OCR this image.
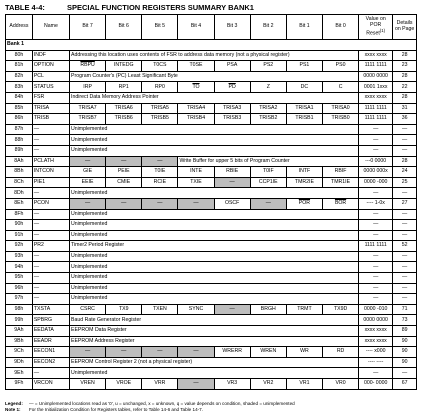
TABLE 4-4:	SPECIAL FUNCTION REGISTERS SUMMARY BANK1
Address	Name	Bit 7	Bit 6	Bit 5	Bit 4	Bit 3	Bit 2	Bit 1	Bit 0	Value on POR Reset$^{(1)}$	Details on Page
Bank 1											
80h	INDF	Addressing this location uses contents of FSR to address data memory (not a physical register)								xxxx xxxx	28
81h	OPTION	RBPU	INTEDG	T0CS	T0SE	PSA	PS2	PS1	PS0	1111 1111	23
82h	PCL	Program Counter's (PC) Least Significant Byte								0000 0000	28
83h	STATUS	IRP	RP1	RP0	$\overline{TO}$	$\overline{PD}$	Z	DC	C	0001 1xxx	22
84h	FSR	Indirect Data Memory Address Pointer								xxxx xxxx	28
85h	TRISA	TRISA7	TRISA6	TRISA5	TRISA4	TRISA3	TRISA2	TRISA1	TRISA0	1111 1111	31
86h	TRISB	TRISB7	TRISB6	TRISB5	TRISB4	TRISB3	TRISB2	TRISB1	TRISB0	1111 1111	36
87h	—	Unimplemented								—	—
88h	—	Unimplemented								—	—
89h	—	Unimplemented								—	—
8Ah	PCLATH	—	—	—	Write Buffer for upper 5 bits of Program Counter					---0 0000	28
8Bh	INTCON	GIE	PEIE	T0IE	INTE	RBIE	T0IF	INTF	RBIF	0000 000x	24
8Ch	PIE1	EEIE	CMIE	RCIE	TXIE	—	CCP1IE	TMR2IE	TMR1IE	0000 -000	25
8Dh	—	Unimplemented								—	—
8Eh	PCON	—	—	—	—	OSCF	—	$\overline{POR}$	$\overline{BOR}$	---- 1-0x	27
8Fh	—	Unimplemented								—	—
90h	—	Unimplemented								—	—
91h	—	Unimplemented								—	—
92h	PR2	Timer2 Period Register								1111 1111	52
93h	—	Unimplemented								—	—
94h	—	Unimplemented								—	—
95h	—	Unimplemented								—	—
96h	—	Unimplemented								—	—
97h	—	Unimplemented								—	—
98h	TXSTA	CSRC	TX9	TXEN	SYNC	—	BRGH	TRMT	TX9D	0000 -010	71
99h	SPBRG	Baud Rate Generator Register								0000 0000	73
9Ah	EEDATA	EEPROM Data Register								xxxx xxxx	89
9Bh	EEADR	EEPROM Address Register								xxxx xxxx	90
9Ch	EECON1	—	—	—	—	WRERR	WREN	WR	RD	---- x000	90
9Dh	EECON2	EEPROM Control Register 2 (not a physical register)								---- ----	90
9Eh	—	Unimplemented								—	—
9Fh	VRCON	VREN	VROE	VRR	—	VR3	VR2	VR1	VR0	000- 0000	67
Legend: — = Unimplemented locations read as '0', u = unchanged, x = unknown, q = value depends on condition, shaded = unimplemented
Note 1: For the Initialization Condition for Registers tables, refer to Table 14-6 and Table 14-7.
